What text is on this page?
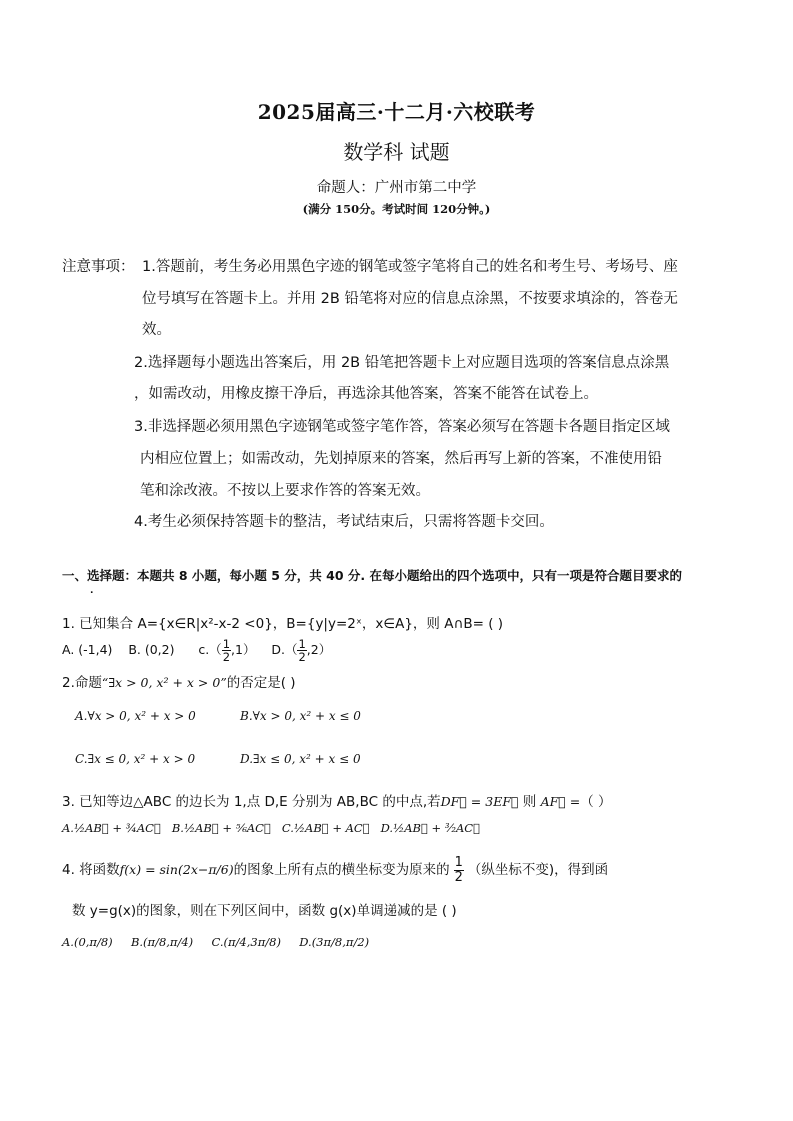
2025届高三·十二月·六校联考
数学科 试题
命题人：广州市第二中学
(满分 150分。考试时间 120分钟。)
注意事项： 1.答题前，考生务必用黑色字迹的钢笔或签字笔将自己的姓名和考生号、考场号、座
位号填写在答题卡上。并用 2B 铅笔将对应的信息点涂黑，不按要求填涂的，答卷无
效。
2.选择题每小题选出答案后，用 2B 铅笔把答题卡上对应题目选项的答案信息点涂黑
，如需改动，用橡皮擦干净后，再选涂其他答案，答案不能答在试卷上。
3.非选择题必须用黑色字迹钢笔或签字笔作答，答案必须写在答题卡各题目指定区域
内相应位置上；如需改动，先划掉原来的答案，然后再写上新的答案，不准使用铅
笔和涂改液。不按以上要求作答的答案无效。
4.考生必须保持答题卡的整洁，考试结束后，只需将答题卡交回。
一、选择题：本题共 8 小题，每小题 5 分，共 40 分. 在每小题给出的四个选项中，只有一项是符合题目要求的
.
1. 已知集合 A={x∈R|x²-x-2 <0}，B={y|y=2ˣ，x∈A}，则 A∩B= ( )
A. (-1,4) B. (0,2) $c.( \frac{1}{2} ,1)$ $D.( \frac{1}{2} ,2)$
2.命题“∃x > 0, x² + x > 0”的否定是( )
A.∀x > 0, x² + x > 0	B.∀x > 0, x² + x ≤ 0
C.∃x ≤ 0, x² + x > 0	D.∃x ≤ 0, x² + x ≤ 0
3. 已知等边△ABC 的边长为 1,点 D,E 分别为 AB,BC 的中点,若DF⃗ = 3EF⃗ 则 AF⃗ =（ ）
A.½AB⃗ + ¾AC⃗ B.½AB⃗ + ⅚AC⃗ C.½AB⃗ + AC⃗ D.½AB⃗ + ³⁄₂AC⃗
4. 将函数f(x) = sin(2x−π/6)的图象上所有点的横坐标变为原来的 $\frac{1}{2}$ （纵坐标不变)，得到函
数 y=g(x)的图象，则在下列区间中，函数 g(x)单调递减的是 ( )
A.(0,π/8) B.(π/8,π/4) C.(π/4,3π/8) D.(3π/8,π/2)
